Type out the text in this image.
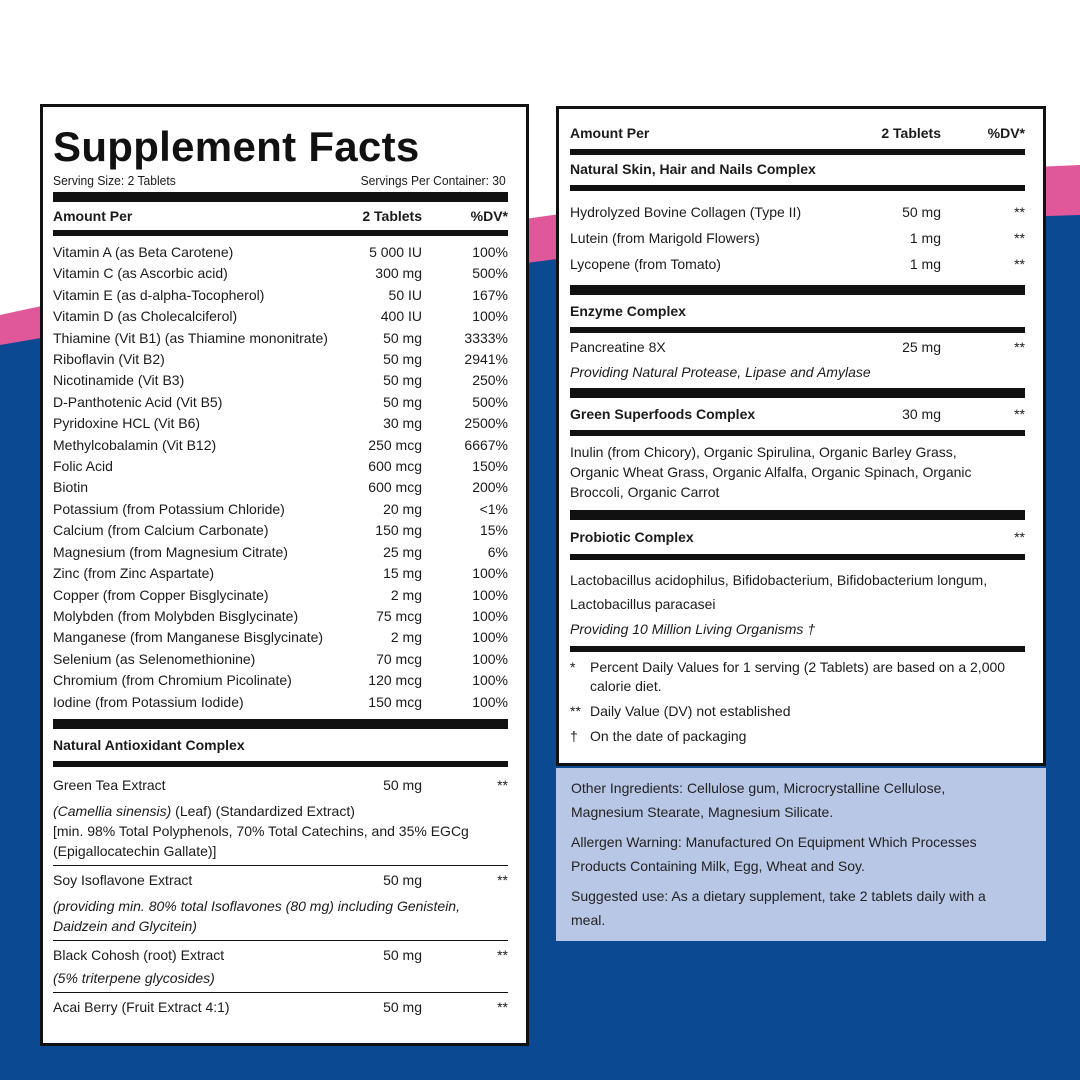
Supplement Facts
Serving Size: 2 Tablets	Servings Per Container: 30
Amount Per	2 Tablets	%DV*
Vitamin A (as Beta Carotene)	5 000 IU	100%
Vitamin C (as Ascorbic acid)	300 mg	500%
Vitamin E (as d-alpha-Tocopherol)	50 IU	167%
Vitamin D (as Cholecalciferol)	400 IU	100%
Thiamine (Vit B1) (as Thiamine mononitrate)	50 mg	3333%
Riboflavin (Vit B2)	50 mg	2941%
Nicotinamide (Vit B3)	50 mg	250%
D-Panthotenic Acid (Vit B5)	50 mg	500%
Pyridoxine HCL (Vit B6)	30 mg	2500%
Methylcobalamin (Vit B12)	250 mcg	6667%
Folic Acid	600 mcg	150%
Biotin	600 mcg	200%
Potassium (from Potassium Chloride)	20 mg	<1%
Calcium (from Calcium Carbonate)	150 mg	15%
Magnesium (from Magnesium Citrate)	25 mg	6%
Zinc (from Zinc Aspartate)	15 mg	100%
Copper (from Copper Bisglycinate)	2 mg	100%
Molybden (from Molybden Bisglycinate)	75 mcg	100%
Manganese (from Manganese Bisglycinate)	2 mg	100%
Selenium (as Selenomethionine)	70 mcg	100%
Chromium (from Chromium Picolinate)	120 mcg	100%
Iodine (from Potassium Iodide)	150 mcg	100%
Natural Antioxidant Complex
Green Tea Extract	50 mg	**
(Camellia sinensis) (Leaf) (Standardized Extract)
[min. 98% Total Polyphenols, 70% Total Catechins, and 35% EGCg
(Epigallocatechin Gallate)]
Soy Isoflavone Extract	50 mg	**
(providing min. 80% total Isoflavones (80 mg) including Genistein,
Daidzein and Glycitein)
Black Cohosh (root) Extract	50 mg	**
(5% triterpene glycosides)
Acai Berry (Fruit Extract 4:1)	50 mg	**
Amount Per	2 Tablets	%DV*
Natural Skin, Hair and Nails Complex
Hydrolyzed Bovine Collagen (Type II)	50 mg	**
Lutein (from Marigold Flowers)	1 mg	**
Lycopene (from Tomato)	1 mg	**
Enzyme Complex
Pancreatine 8X	25 mg	**
Providing Natural Protease, Lipase and Amylase
Green Superfoods Complex	30 mg	**
Inulin (from Chicory), Organic Spirulina, Organic Barley Grass,
Organic Wheat Grass, Organic Alfalfa, Organic Spinach, Organic
Broccoli, Organic Carrot
Probiotic Complex	**
Lactobacillus acidophilus, Bifidobacterium, Bifidobacterium longum,
Lactobacillus paracasei
Providing 10 Million Living Organisms †
*	Percent Daily Values for 1 serving (2 Tablets) are based on a 2,000 calorie diet.
** Daily Value (DV) not established
† On the date of packaging

Other Ingredients: Cellulose gum, Microcrystalline Cellulose, Magnesium Stearate, Magnesium Silicate.

Allergen Warning: Manufactured On Equipment Which Processes Products Containing Milk, Egg, Wheat and Soy.

Suggested use: As a dietary supplement, take 2 tablets daily with a meal.
